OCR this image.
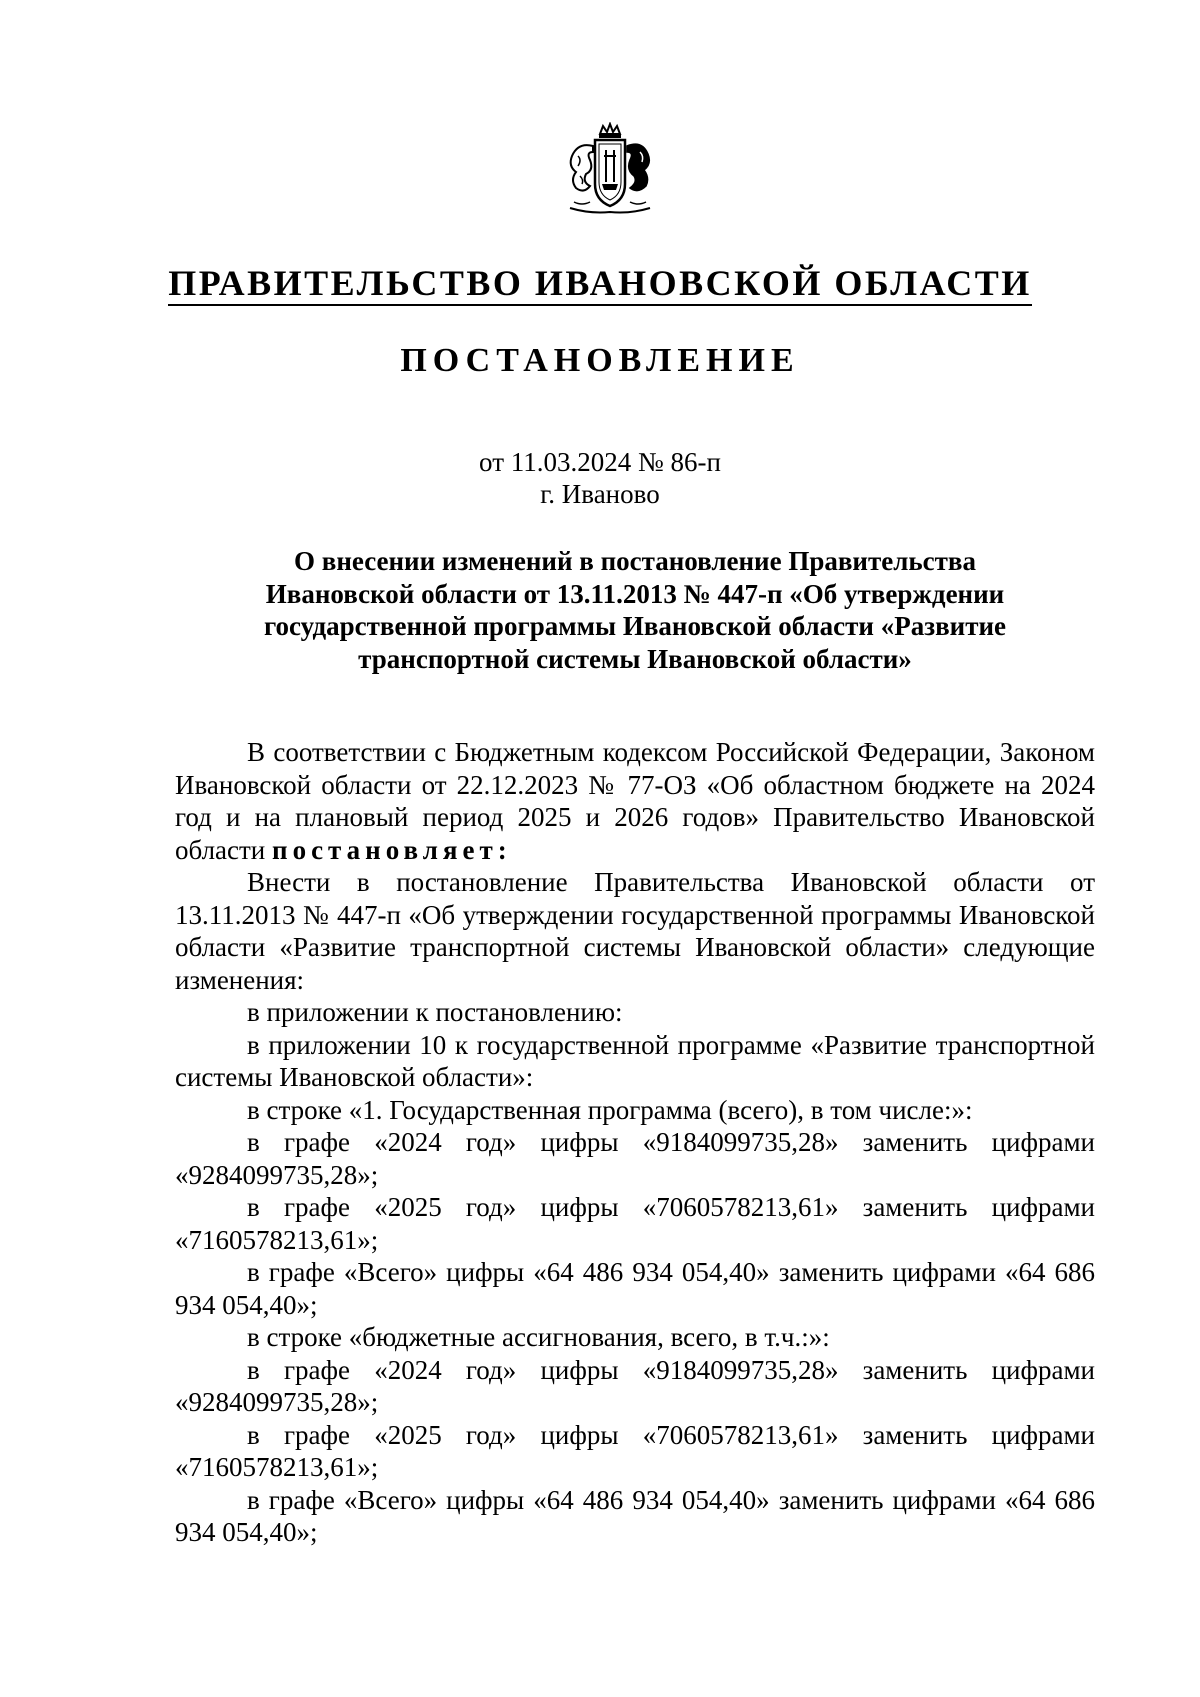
ПРАВИТЕЛЬСТВО ИВАНОВСКОЙ ОБЛАСТИ
ПОСТАНОВЛЕНИЕ
от 11.03.2024 № 86-п
г. Иваново
О внесении изменений в постановление Правительства
Ивановской области от 13.11.2013 № 447-п «Об утверждении
государственной программы Ивановской области «Развитие
транспортной системы Ивановской области»

В соответствии с Бюджетным кодексом Российской Федерации, Законом Ивановской области от 22.12.2023 № 77-ОЗ «Об областном бюджете на 2024 год и на плановый период 2025 и 2026 годов» Правительство Ивановской области постановляет:

Внести в постановление Правительства Ивановской области от 13.11.2013 № 447-п «Об утверждении государственной программы Ивановской области «Развитие транспортной системы Ивановской области» следующие изменения:

в приложении к постановлению:

в приложении 10 к государственной программе «Развитие транспортной системы Ивановской области»:

в строке «1. Государственная программа (всего), в том числе:»:

в графе «2024 год» цифры «9184099735,28» заменить цифрами «9284099735,28»;

в графе «2025 год» цифры «7060578213,61» заменить цифрами «7160578213,61»;

в графе «Всего» цифры «64 486 934 054,40» заменить цифрами «64 686 934 054,40»;

в строке «бюджетные ассигнования, всего, в т.ч.:»:

в графе «2024 год» цифры «9184099735,28» заменить цифрами «9284099735,28»;

в графе «2025 год» цифры «7060578213,61» заменить цифрами «7160578213,61»;

в графе «Всего» цифры «64 486 934 054,40» заменить цифрами «64 686 934 054,40»;
